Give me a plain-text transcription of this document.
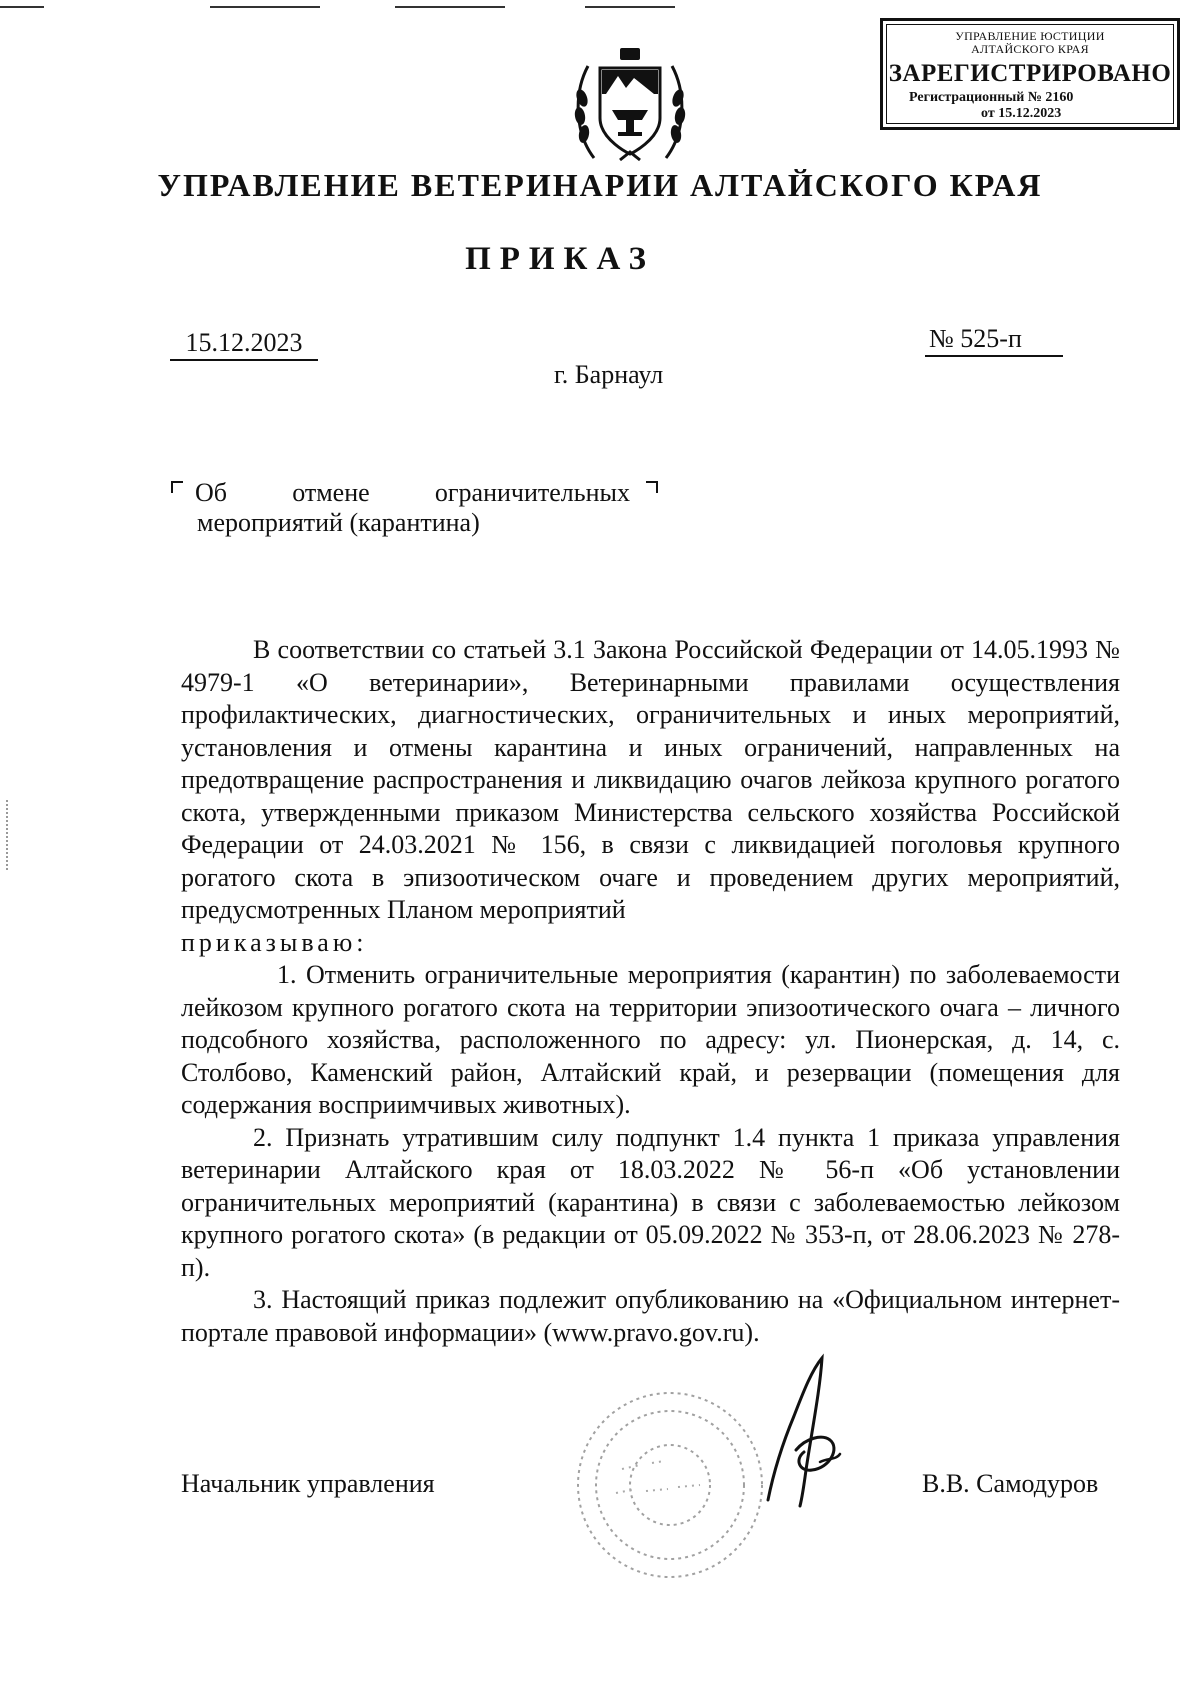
УПРАВЛЕНИЕ ЮСТИЦИИ
АЛТАЙСКОГО КРАЯ
ЗАРЕГИСТРИРОВАНО
Регистрационный № 2160
от 15.12.2023
УПРАВЛЕНИЕ ВЕТЕРИНАРИИ АЛТАЙСКОГО КРАЯ
ПРИКАЗ
15.12.2023	№ 525-п
г. Барнаул
Об	отмене	ограничительных
мероприятий (карантина)

В соответствии со статьей 3.1 Закона Российской Федерации от 14.05.1993 № 4979-1 «О ветеринарии», Ветеринарными правилами осуществления профилактических, диагностических, ограничительных и иных мероприятий, установления и отмены карантина и иных ограничений, направленных на предотвращение распространения и ликвидацию очагов лейкоза крупного рогатого скота, утвержденными приказом Министерства сельского хозяйства Российской Федерации от 24.03.2021 № 156, в связи с ликвидацией поголовья крупного рогатого скота в эпизоотическом очаге и проведением других мероприятий, предусмотренных Планом мероприятий

приказываю:

1. Отменить ограничительные мероприятия (карантин) по заболеваемости лейкозом крупного рогатого скота на территории эпизоотического очага – личного подсобного хозяйства, расположенного по адресу: ул. Пионерская, д. 14, с. Столбово, Каменский район, Алтайский край, и резервации (помещения для содержания восприимчивых животных).

2. Признать утратившим силу подпункт 1.4 пункта 1 приказа управления ветеринарии Алтайского края от 18.03.2022 № 56-п «Об установлении ограничительных мероприятий (карантина) в связи с заболеваемостью лейкозом крупного рогатого скота» (в редакции от 05.09.2022 № 353-п, от 28.06.2023 № 278-п).

3. Настоящий приказ подлежит опубликованию на «Официальном интернет-портале правовой информации» (www.pravo.gov.ru).

Начальник управления	В.В. Самодуров
